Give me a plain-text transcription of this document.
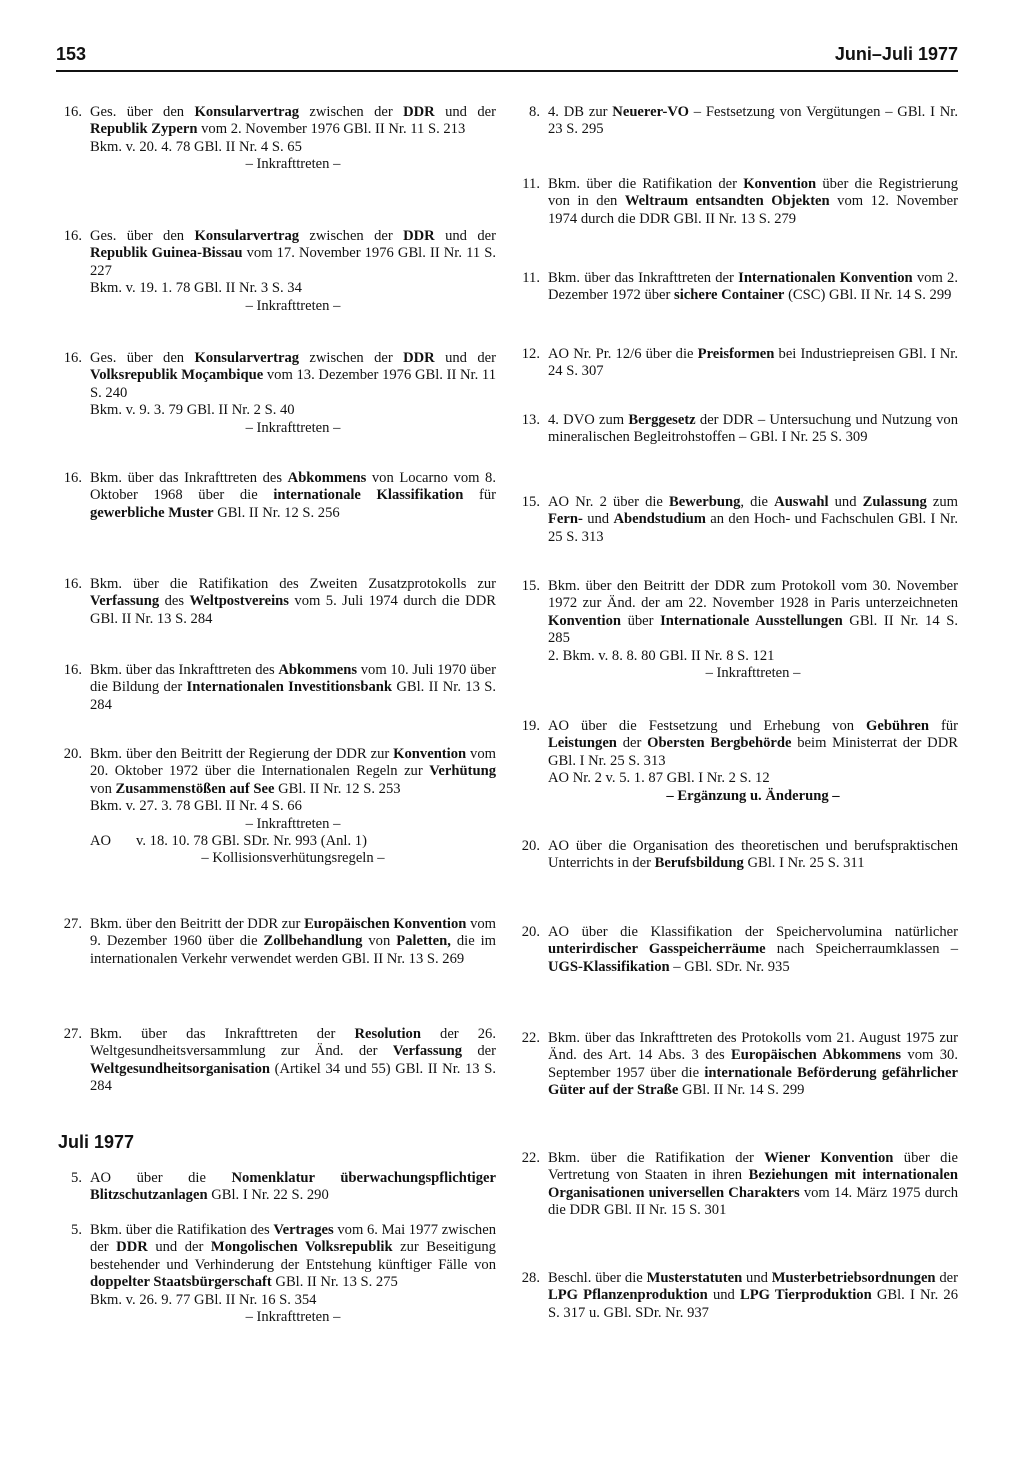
153	Juni–Juli 1977
16. Ges. über den Konsularvertrag zwischen der DDR und der Republik Zypern vom 2. November 1976 GBl. II Nr. 11 S. 213
Bkm. v. 20. 4. 78 GBl. II Nr. 4 S. 65
– Inkrafttreten –
16. Ges. über den Konsularvertrag zwischen der DDR und der Republik Guinea-Bissau vom 17. November 1976 GBl. II Nr. 11 S. 227
Bkm. v. 19. 1. 78 GBl. II Nr. 3 S. 34
– Inkrafttreten –
16. Ges. über den Konsularvertrag zwischen der DDR und der Volksrepublik Moçambique vom 13. Dezember 1976 GBl. II Nr. 11 S. 240
Bkm. v. 9. 3. 79 GBl. II Nr. 2 S. 40
– Inkrafttreten –
16. Bkm. über das Inkrafttreten des Abkommens von Locarno vom 8. Oktober 1968 über die internationale Klassifikation für gewerbliche Muster GBl. II Nr. 12 S. 256
16. Bkm. über die Ratifikation des Zweiten Zusatzprotokolls zur Verfassung des Weltpostvereins vom 5. Juli 1974 durch die DDR GBl. II Nr. 13 S. 284
16. Bkm. über das Inkrafttreten des Abkommens vom 10. Juli 1970 über die Bildung der Internationalen Investitionsbank GBl. II Nr. 13 S. 284
20. Bkm. über den Beitritt der Regierung der DDR zur Konvention vom 20. Oktober 1972 über die Internationalen Regeln zur Verhütung von Zusammenstößen auf See GBl. II Nr. 12 S. 253
Bkm. v. 27. 3. 78 GBl. II Nr. 4 S. 66
– Inkrafttreten –
AO v. 18. 10. 78 GBl. SDr. Nr. 993 (Anl. 1)
– Kollisionsverhütungsregeln –
27. Bkm. über den Beitritt der DDR zur Europäischen Konvention vom 9. Dezember 1960 über die Zollbehandlung von Paletten, die im internationalen Verkehr verwendet werden GBl. II Nr. 13 S. 269
27. Bkm. über das Inkrafttreten der Resolution der 26. Weltgesundheitsversammlung zur Änd. der Verfassung der Weltgesundheitsorganisation (Artikel 34 und 55) GBl. II Nr. 13 S. 284
Juli 1977
5. AO über die Nomenklatur überwachungspflichtiger Blitzschutzanlagen GBl. I Nr. 22 S. 290
5. Bkm. über die Ratifikation des Vertrages vom 6. Mai 1977 zwischen der DDR und der Mongolischen Volksrepublik zur Beseitigung bestehender und Verhinderung der Entstehung künftiger Fälle von doppelter Staatsbürgerschaft GBl. II Nr. 13 S. 275
Bkm. v. 26. 9. 77 GBl. II Nr. 16 S. 354
– Inkrafttreten –
8. 4. DB zur Neuerer-VO – Festsetzung von Vergütungen – GBl. I Nr. 23 S. 295
11. Bkm. über die Ratifikation der Konvention über die Registrierung von in den Weltraum entsandten Objekten vom 12. November 1974 durch die DDR GBl. II Nr. 13 S. 279
11. Bkm. über das Inkrafttreten der Internationalen Konvention vom 2. Dezember 1972 über sichere Container (CSC) GBl. II Nr. 14 S. 299
12. AO Nr. Pr. 12/6 über die Preisformen bei Industriepreisen GBl. I Nr. 24 S. 307
13. 4. DVO zum Berggesetz der DDR – Untersuchung und Nutzung von mineralischen Begleitrohstoffen – GBl. I Nr. 25 S. 309
15. AO Nr. 2 über die Bewerbung, die Auswahl und Zulassung zum Fern- und Abendstudium an den Hoch- und Fachschulen GBl. I Nr. 25 S. 313
15. Bkm. über den Beitritt der DDR zum Protokoll vom 30. November 1972 zur Änd. der am 22. November 1928 in Paris unterzeichneten Konvention über Internationale Ausstellungen GBl. II Nr. 14 S. 285
2. Bkm. v. 8. 8. 80 GBl. II Nr. 8 S. 121
– Inkrafttreten –
19. AO über die Festsetzung und Erhebung von Gebühren für Leistungen der Obersten Bergbehörde beim Ministerrat der DDR GBl. I Nr. 25 S. 313
AO Nr. 2 v. 5. 1. 87 GBl. I Nr. 2 S. 12
– Ergänzung u. Änderung –
20. AO über die Organisation des theoretischen und berufspraktischen Unterrichts in der Berufsbildung GBl. I Nr. 25 S. 311
20. AO über die Klassifikation der Speichervolumina natürlicher unterirdischer Gasspeicherräume nach Speicherraumklassen – UGS-Klassifikation – GBl. SDr. Nr. 935
22. Bkm. über das Inkrafttreten des Protokolls vom 21. August 1975 zur Änd. des Art. 14 Abs. 3 des Europäischen Abkommens vom 30. September 1957 über die internationale Beförderung gefährlicher Güter auf der Straße GBl. II Nr. 14 S. 299
22. Bkm. über die Ratifikation der Wiener Konvention über die Vertretung von Staaten in ihren Beziehungen mit internationalen Organisationen universellen Charakters vom 14. März 1975 durch die DDR GBl. II Nr. 15 S. 301
28. Beschl. über die Musterstatuten und Musterbetriebsordnungen der LPG Pflanzenproduktion und LPG Tierproduktion GBl. I Nr. 26 S. 317 u. GBl. SDr. Nr. 937
